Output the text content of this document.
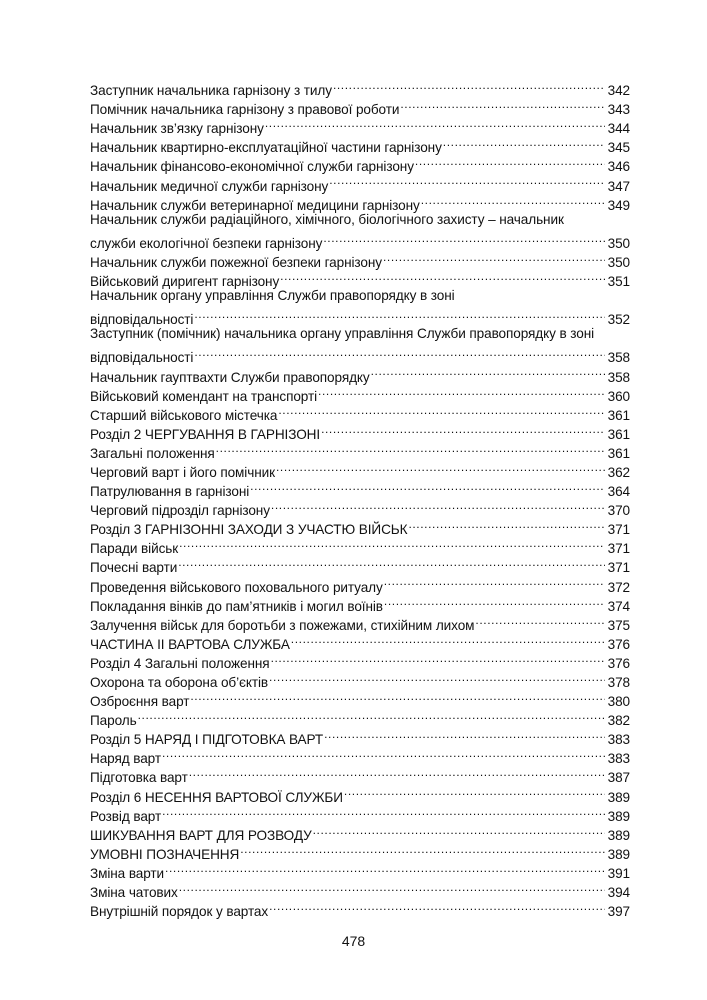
Заступник начальника гарнізону з тилу .....	342
Помічник начальника гарнізону з правової роботи .....	343
Начальник зв’язку гарнізону .....	344
Начальник квартирно-експлуатаційної частини гарнізону .....	345
Начальник фінансово-економічної служби гарнізону .....	346
Начальник медичної служби гарнізону .....	347
Начальник служби ветеринарної медицини гарнізону .....	349
Начальник служби радіаційного, хімічного, біологічного захисту – начальник
служби екологічної безпеки гарнізону .....	350
Начальник служби пожежної безпеки гарнізону .....	350
Військовий диригент гарнізону .....	351
Начальник органу управління Служби правопорядку в зоні
відповідальності .....	352
Заступник (помічник) начальника органу управління Служби правопорядку в зоні
відповідальності .....	358
Начальник гауптвахти Служби правопорядку .....	358
Військовий комендант на транспорті .....	360
Старший військового містечка .....	361
Розділ 2 ЧЕРГУВАННЯ В ГАРНІЗОНІ .....	361
Загальні положення .....	361
Черговий варт і його помічник .....	362
Патрулювання в гарнізоні .....	364
Черговий підрозділ гарнізону .....	370
Розділ 3 ГАРНІЗОННІ ЗАХОДИ З УЧАСТЮ ВІЙСЬК .....	371
Паради військ .....	371
Почесні варти .....	371
Проведення військового поховального ритуалу .....	372
Покладання вінків до пам’ятників і могил воїнів .....	374
Залучення військ для боротьби з пожежами, стихійним лихом .....	375
ЧАСТИНА ІІ ВАРТОВА СЛУЖБА .....	376
Розділ 4 Загальні положення .....	376
Охорона та оборона об’єктів .....	378
Озброєння варт .....	380
Пароль .....	382
Розділ 5 НАРЯД І ПІДГОТОВКА ВАРТ .....	383
Наряд варт .....	383
Підготовка варт .....	387
Розділ 6 НЕСЕННЯ ВАРТОВОЇ СЛУЖБИ .....	389
Розвід варт .....	389
ШИКУВАННЯ ВАРТ ДЛЯ РОЗВОДУ .....	389
УМОВНІ ПОЗНАЧЕННЯ .....	389
Зміна варти .....	391
Зміна чатових .....	394
Внутрішній порядок у вартах .....	397
478
